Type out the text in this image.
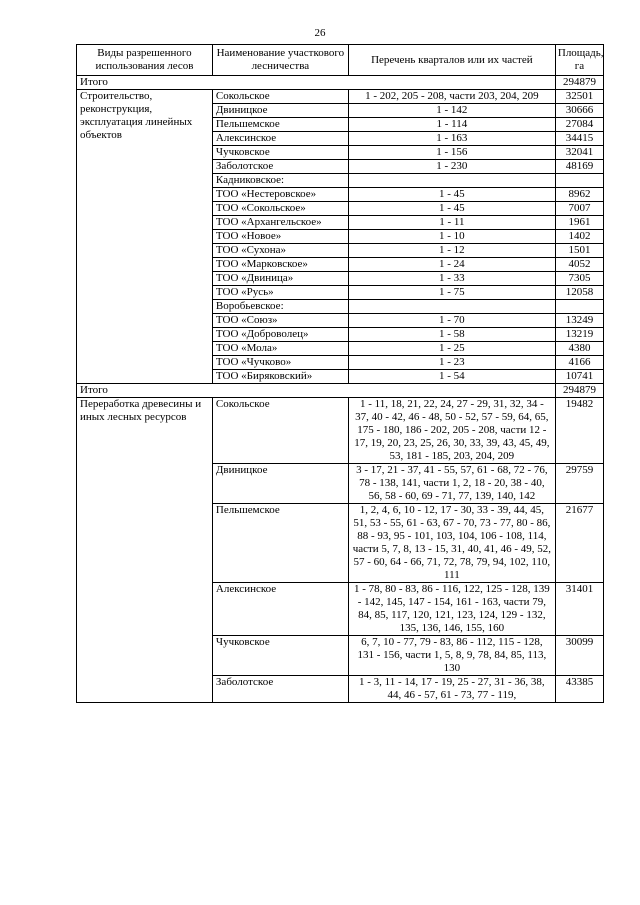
26
Виды разрешенного использования лесов	Наименование участкового лесничества	Перечень кварталов или их частей	Площадь, га
Итого			294879
Строительство, реконструкция, эксплуатация линейных объектов	Сокольское	1 - 202, 205 - 208, части 203, 204, 209	32501
	Двиницкое	1 - 142	30666
	Пельшемское	1 - 114	27084
	Алексинское	1 - 163	34415
	Чучковское	1 - 156	32041
	Заболотское	1 - 230	48169
	Кадниковское:		
	ТОО «Нестеровское»	1 - 45	8962
	ТОО «Сокольское»	1 - 45	7007
	ТОО «Архангельское»	1 - 11	1961
	ТОО «Новое»	1 - 10	1402
	ТОО «Сухона»	1 - 12	1501
	ТОО «Марковское»	1 - 24	4052
	ТОО «Двиница»	1 - 33	7305
	ТОО «Русь»	1 - 75	12058
	Воробьевское:		
	ТОО «Союз»	1 - 70	13249
	ТОО «Доброволец»	1 - 58	13219
	ТОО «Мола»	1 - 25	4380
	ТОО «Чучково»	1 - 23	4166
	ТОО «Биряковский»	1 - 54	10741
Итого			294879
Переработка древесины и иных лесных ресурсов	Сокольское	1 - 11, 18, 21, 22, 24, 27 - 29, 31, 32, 34 - 37, 40 - 42, 46 - 48, 50 - 52, 57 - 59, 64, 65, 175 - 180, 186 - 202, 205 - 208, части 12 - 17, 19, 20, 23, 25, 26, 30, 33, 39, 43, 45, 49, 53, 181 - 185, 203, 204, 209	19482
	Двиницкое	3 - 17, 21 - 37, 41 - 55, 57, 61 - 68, 72 - 76, 78 - 138, 141, части 1, 2, 18 - 20, 38 - 40, 56, 58 - 60, 69 - 71, 77, 139, 140, 142	29759
	Пельшемское	1, 2, 4, 6, 10 - 12, 17 - 30, 33 - 39, 44, 45, 51, 53 - 55, 61 - 63, 67 - 70, 73 - 77, 80 - 86, 88 - 93, 95 - 101, 103, 104, 106 - 108, 114, части 5, 7, 8, 13 - 15, 31, 40, 41, 46 - 49, 52, 57 - 60, 64 - 66, 71, 72, 78, 79, 94, 102, 110, 111	21677
	Алексинское	1 - 78, 80 - 83, 86 - 116, 122, 125 - 128, 139 - 142, 145, 147 - 154, 161 - 163, части 79, 84, 85, 117, 120, 121, 123, 124, 129 - 132, 135, 136, 146, 155, 160	31401
	Чучковское	6, 7, 10 - 77, 79 - 83, 86 - 112, 115 - 128, 131 - 156, части 1, 5, 8, 9, 78, 84, 85, 113, 130	30099
	Заболотское	1 - 3, 11 - 14, 17 - 19, 25 - 27, 31 - 36, 38, 44, 46 - 57, 61 - 73, 77 - 119,	43385
